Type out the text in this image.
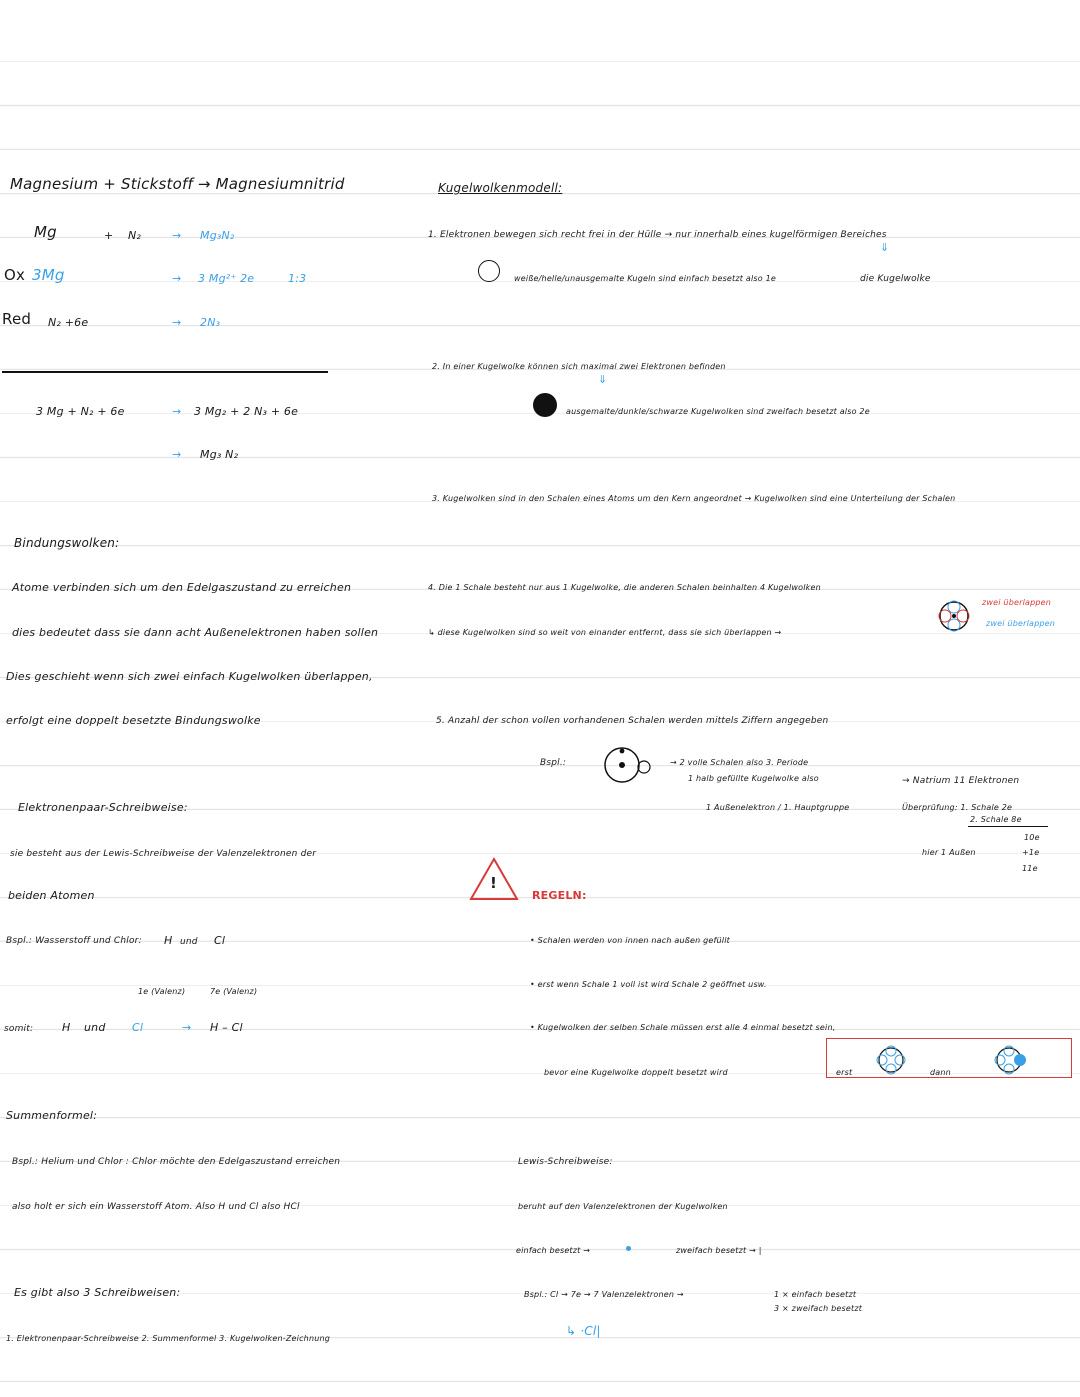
Magnesium + Stickstoff → Magnesiumnitrid
Mg	+ N₂	→ Mg₃N₂
Ox 3Mg	→ 3 Mg²⁺ 2e	1:3
Red N₂ +6e	→ 2N₃
3 Mg + N₂ + 6e	→ 3 Mg₂ + 2 N₃ + 6e
→ Mg₃ N₂
Bindungswolken:
Atome verbinden sich um den Edelgaszustand zu erreichen
dies bedeutet dass sie dann acht Außenelektronen haben sollen
Dies geschieht wenn sich zwei einfach Kugelwolken überlappen,
erfolgt eine doppelt besetzte Bindungswolke
Elektronenpaar-Schreibweise:
sie besteht aus der Lewis-Schreibweise der Valenzelektronen der
beiden Atomen
Bspl.: Wasserstoff und Chlor: H und Cl
1e (Valenz)	7e (Valenz)
somit:	H und Cl	→ H – Cl
Summenformel:
Bspl.: Helium und Chlor : Chlor möchte den Edelgaszustand erreichen
also holt er sich ein Wasserstoff Atom. Also H und Cl also HCl
Es gibt also 3 Schreibweisen:
1. Elektronenpaar-Schreibweise 2. Summenformel 3. Kugelwolken-Zeichnung
Kugelwolkenmodell:
1. Elektronen bewegen sich recht frei in der Hülle → nur innerhalb eines kugelförmigen Bereiches
⇓
weiße/helle/unausgemalte Kugeln sind einfach besetzt also 1e	die Kugelwolke
2. In einer Kugelwolke können sich maximal zwei Elektronen befinden
⇓
ausgemalte/dunkle/schwarze Kugelwolken sind zweifach besetzt also 2e
3. Kugelwolken sind in den Schalen eines Atoms um den Kern angeordnet → Kugelwolken sind eine Unterteilung der Schalen
4. Die 1 Schale besteht nur aus 1 Kugelwolke, die anderen Schalen beinhalten 4 Kugelwolken
↳ diese Kugelwolken sind so weit von einander entfernt, dass sie sich überlappen →
zwei überlappen
zwei überlappen
5. Anzahl der schon vollen vorhandenen Schalen werden mittels Ziffern angegeben
Bspl.:	→ 2 volle Schalen also 3. Periode
1 halb gefüllte Kugelwolke also
1 Außenelektron / 1. Hauptgruppe
→ Natrium 11 Elektronen
Überprüfung: 1. Schale 2e
2. Schale 8e
10e
hier 1 Außen	+1e
11e
!
REGELN:
• Schalen werden von innen nach außen gefüllt
• erst wenn Schale 1 voll ist wird Schale 2 geöffnet usw.
• Kugelwolken der selben Schale müssen erst alle 4 einmal besetzt sein,
bevor eine Kugelwolke doppelt besetzt wird	erst	dann
Lewis-Schreibweise:
beruht auf den Valenzelektronen der Kugelwolken
einfach besetzt →	zweifach besetzt → |
Bspl.: Cl → 7e → 7 Valenzelektronen →	1 × einfach besetzt
3 × zweifach besetzt
↳ ·Cl|
